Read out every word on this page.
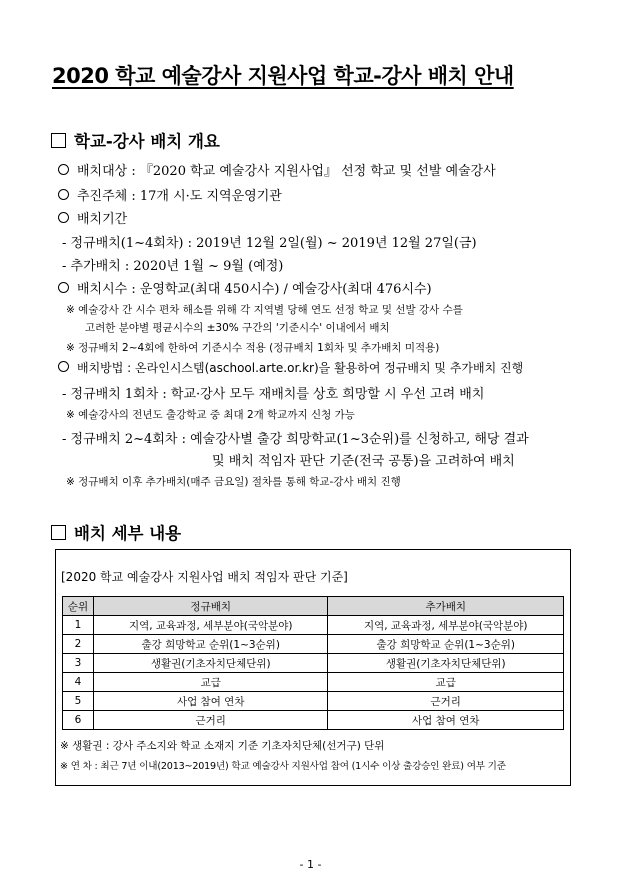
2020 학교 예술강사 지원사업 학교-강사 배치 안내
학교-강사 배치 개요
배치대상 : 『2020 학교 예술강사 지원사업』 선정 학교 및 선발 예술강사
추진주체 : 17개 시·도 지역운영기관
배치기간
- 정규배치(1~4회차) : 2019년 12월 2일(월) ~ 2019년 12월 27일(금)
- 추가배치 : 2020년 1월 ~ 9월 (예정)
배치시수 : 운영학교(최대 450시수) / 예술강사(최대 476시수)
※ 예술강사 간 시수 편차 해소를 위해 각 지역별 당해 연도 선정 학교 및 선발 강사 수를
고려한 분야별 평균시수의 ±30% 구간의 '기준시수' 이내에서 배치
※ 정규배치 2~4회에 한하여 기준시수 적용 (정규배치 1회차 및 추가배치 미적용)
배치방법 : 온라인시스템(aschool.arte.or.kr)을 활용하여 정규배치 및 추가배치 진행
- 정규배치 1회차 : 학교·강사 모두 재배치를 상호 희망할 시 우선 고려 배치
※ 예술강사의 전년도 출강학교 중 최대 2개 학교까지 신청 가능
- 정규배치 2~4회차 : 예술강사별 출강 희망학교(1~3순위)를 신청하고, 해당 결과
및 배치 적임자 판단 기준(전국 공통)을 고려하여 배치
※ 정규배치 이후 추가배치(매주 금요일) 절차를 통해 학교-강사 배치 진행
배치 세부 내용
[2020 학교 예술강사 지원사업 배치 적임자 판단 기준]
순위	정규배치	추가배치
1	지역, 교육과정, 세부분야(국악분야)	지역, 교육과정, 세부분야(국악분야)
2	출강 희망학교 순위(1~3순위)	출강 희망학교 순위(1~3순위)
3	생활권(기초자치단체단위)	생활권(기초자치단체단위)
4	교급	교급
5	사업 참여 연차	근거리
6	근거리	사업 참여 연차
※ 생활권 : 강사 주소지와 학교 소재지 기준 기초자치단체(선거구) 단위
※ 연 차 : 최근 7년 이내(2013~2019년) 학교 예술강사 지원사업 참여 (1시수 이상 출강승인 완료) 여부 기준
- 1 -
